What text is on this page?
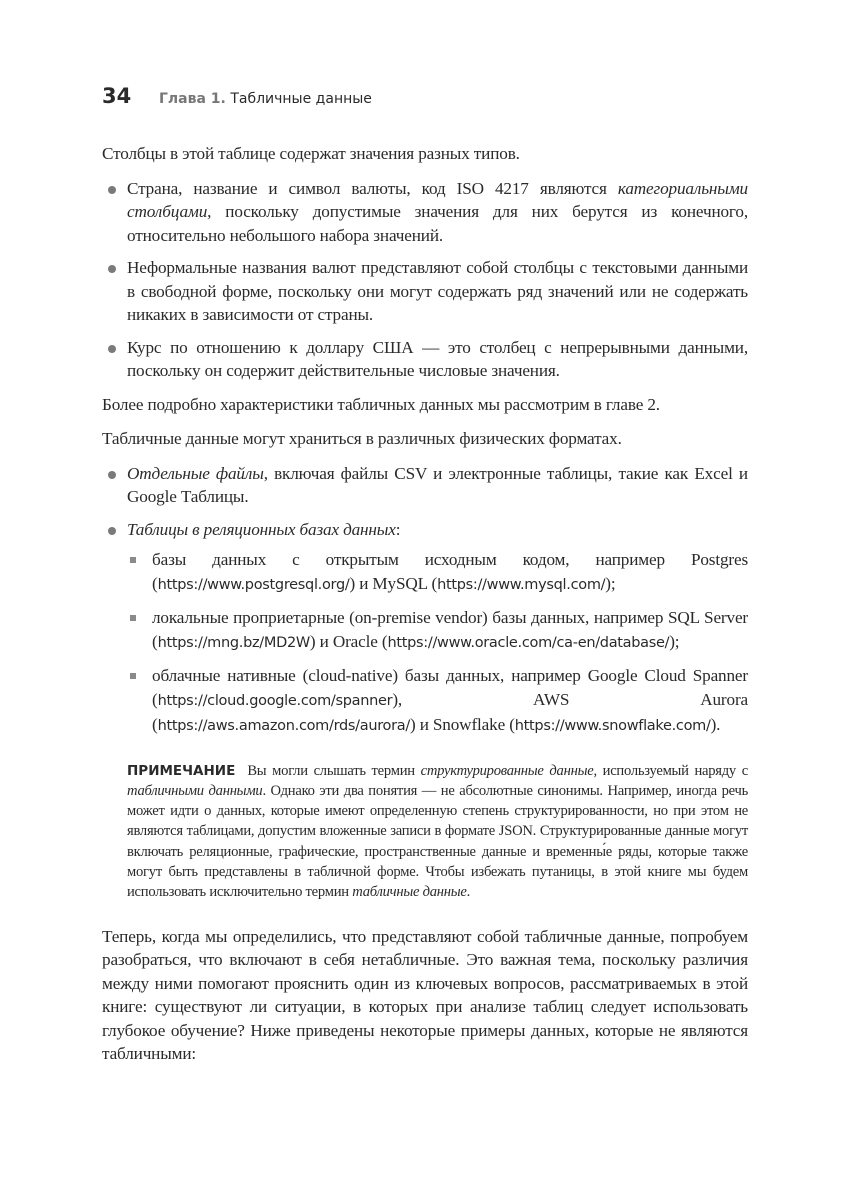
34	Глава 1. Табличные данные

Столбцы в этой таблице содержат значения разных типов.

Страна, название и символ валюты, код ISO 4217 являются категориальными столбцами, поскольку допустимые значения для них берутся из конечного, относительно небольшого набора значений.
Неформальные названия валют представляют собой столбцы с текстовыми данными в свободной форме, поскольку они могут содержать ряд значений или не содержать никаких в зависимости от страны.
Курс по отношению к доллару США — это столбец с непрерывными данными, поскольку он содержит действительные числовые значения.

Более подробно характеристики табличных данных мы рассмотрим в главе 2.

Табличные данные могут храниться в различных физических форматах.

Отдельные файлы, включая файлы CSV и электронные таблицы, такие как Excel и Google Таблицы.
Таблицы в реляционных базах данных:
базы данных с открытым исходным кодом, например Postgres (https://www.postgresql.org/) и MySQL (https://www.mysql.com/);
локальные проприетарные (on-premise vendor) базы данных, например SQL Server (https://mng.bz/MD2W) и Oracle (https://www.oracle.com/ca-en/database/);
облачные нативные (cloud-native) базы данных, например Google Cloud Spanner (https://cloud.google.com/spanner), AWS Aurora (https://aws.amazon.com/rds/aurora/) и Snowflake (https://www.snowflake.com/).
ПРИМЕЧАНИЕ Вы могли слышать термин структурированные данные, используемый наряду с табличными данными. Однако эти два понятия — не абсолютные синонимы. Например, иногда речь может идти о данных, которые имеют определенную степень структурированности, но при этом не являются таблицами, допустим вложенные записи в формате JSON. Структурированные данные могут включать реляционные, графические, пространственные данные и временны́е ряды, которые также могут быть представлены в табличной форме. Чтобы избежать путаницы, в этой книге мы будем использовать исключительно термин табличные данные.

Теперь, когда мы определились, что представляют собой табличные данные, попробуем разобраться, что включают в себя нетабличные. Это важная тема, поскольку различия между ними помогают прояснить один из ключевых вопросов, рассматриваемых в этой книге: существуют ли ситуации, в которых при анализе таблиц следует использовать глубокое обучение? Ниже приведены некоторые примеры данных, которые не являются табличными:
